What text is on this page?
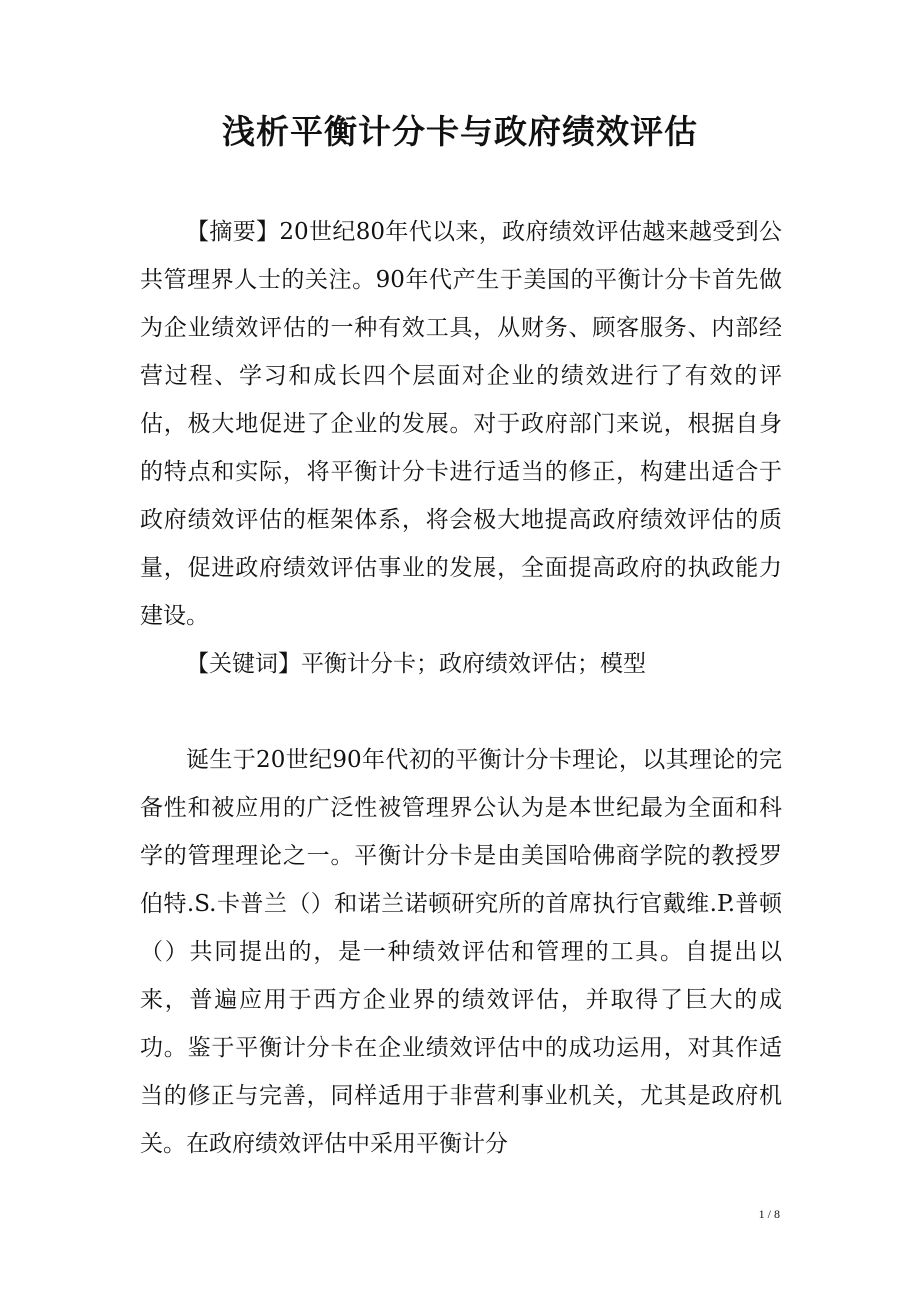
浅析平衡计分卡与政府绩效评估

【摘要】20世纪80年代以来，政府绩效评估越来越受到公共管理界人士的关注。90年代产生于美国的平衡计分卡首先做为企业绩效评估的一种有效工具，从财务、顾客服务、内部经营过程、学习和成长四个层面对企业的绩效进行了有效的评估，极大地促进了企业的发展。对于政府部门来说，根据自身的特点和实际，将平衡计分卡进行适当的修正，构建出适合于政府绩效评估的框架体系，将会极大地提高政府绩效评估的质量，促进政府绩效评估事业的发展，全面提高政府的执政能力建设。

【关键词】平衡计分卡；政府绩效评估；模型

诞生于20世纪90年代初的平衡计分卡理论，以其理论的完备性和被应用的广泛性被管理界公认为是本世纪最为全面和科学的管理理论之一。平衡计分卡是由美国哈佛商学院的教授罗伯特.S.卡普兰（）和诺兰诺顿研究所的首席执行官戴维.P.普顿（）共同提出的，是一种绩效评估和管理的工具。自提出以来，普遍应用于西方企业界的绩效评估，并取得了巨大的成功。鉴于平衡计分卡在企业绩效评估中的成功运用，对其作适当的修正与完善，同样适用于非营利事业机关，尤其是政府机关。在政府绩效评估中采用平衡计分

1 / 8
